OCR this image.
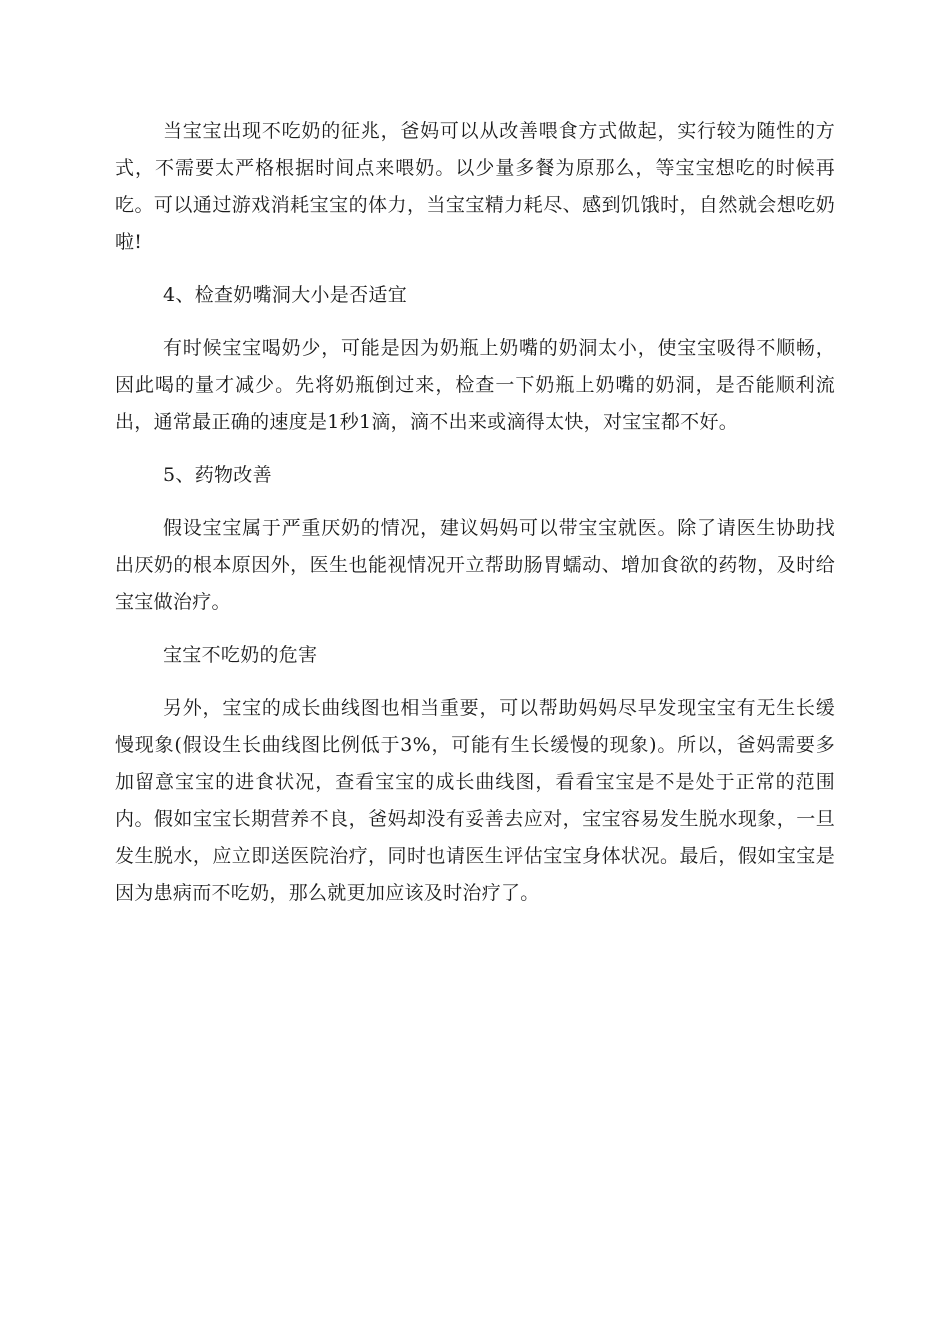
当宝宝出现不吃奶的征兆，爸妈可以从改善喂食方式做起，实行较为随性的方式，不需要太严格根据时间点来喂奶。以少量多餐为原那么，等宝宝想吃的时候再吃。可以通过游戏消耗宝宝的体力，当宝宝精力耗尽、感到饥饿时，自然就会想吃奶啦!

4、检查奶嘴洞大小是否适宜

有时候宝宝喝奶少，可能是因为奶瓶上奶嘴的奶洞太小，使宝宝吸得不顺畅，因此喝的量才减少。先将奶瓶倒过来，检查一下奶瓶上奶嘴的奶洞，是否能顺利流出，通常最正确的速度是1秒1滴，滴不出来或滴得太快，对宝宝都不好。

5、药物改善

假设宝宝属于严重厌奶的情况，建议妈妈可以带宝宝就医。除了请医生协助找出厌奶的根本原因外，医生也能视情况开立帮助肠胃蠕动、增加食欲的药物，及时给宝宝做治疗。

宝宝不吃奶的危害

另外，宝宝的成长曲线图也相当重要，可以帮助妈妈尽早发现宝宝有无生长缓慢现象(假设生长曲线图比例低于3%，可能有生长缓慢的现象)。所以，爸妈需要多加留意宝宝的进食状况，查看宝宝的成长曲线图，看看宝宝是不是处于正常的范围内。假如宝宝长期营养不良，爸妈却没有妥善去应对，宝宝容易发生脱水现象，一旦发生脱水，应立即送医院治疗，同时也请医生评估宝宝身体状况。最后，假如宝宝是因为患病而不吃奶，那么就更加应该及时治疗了。
